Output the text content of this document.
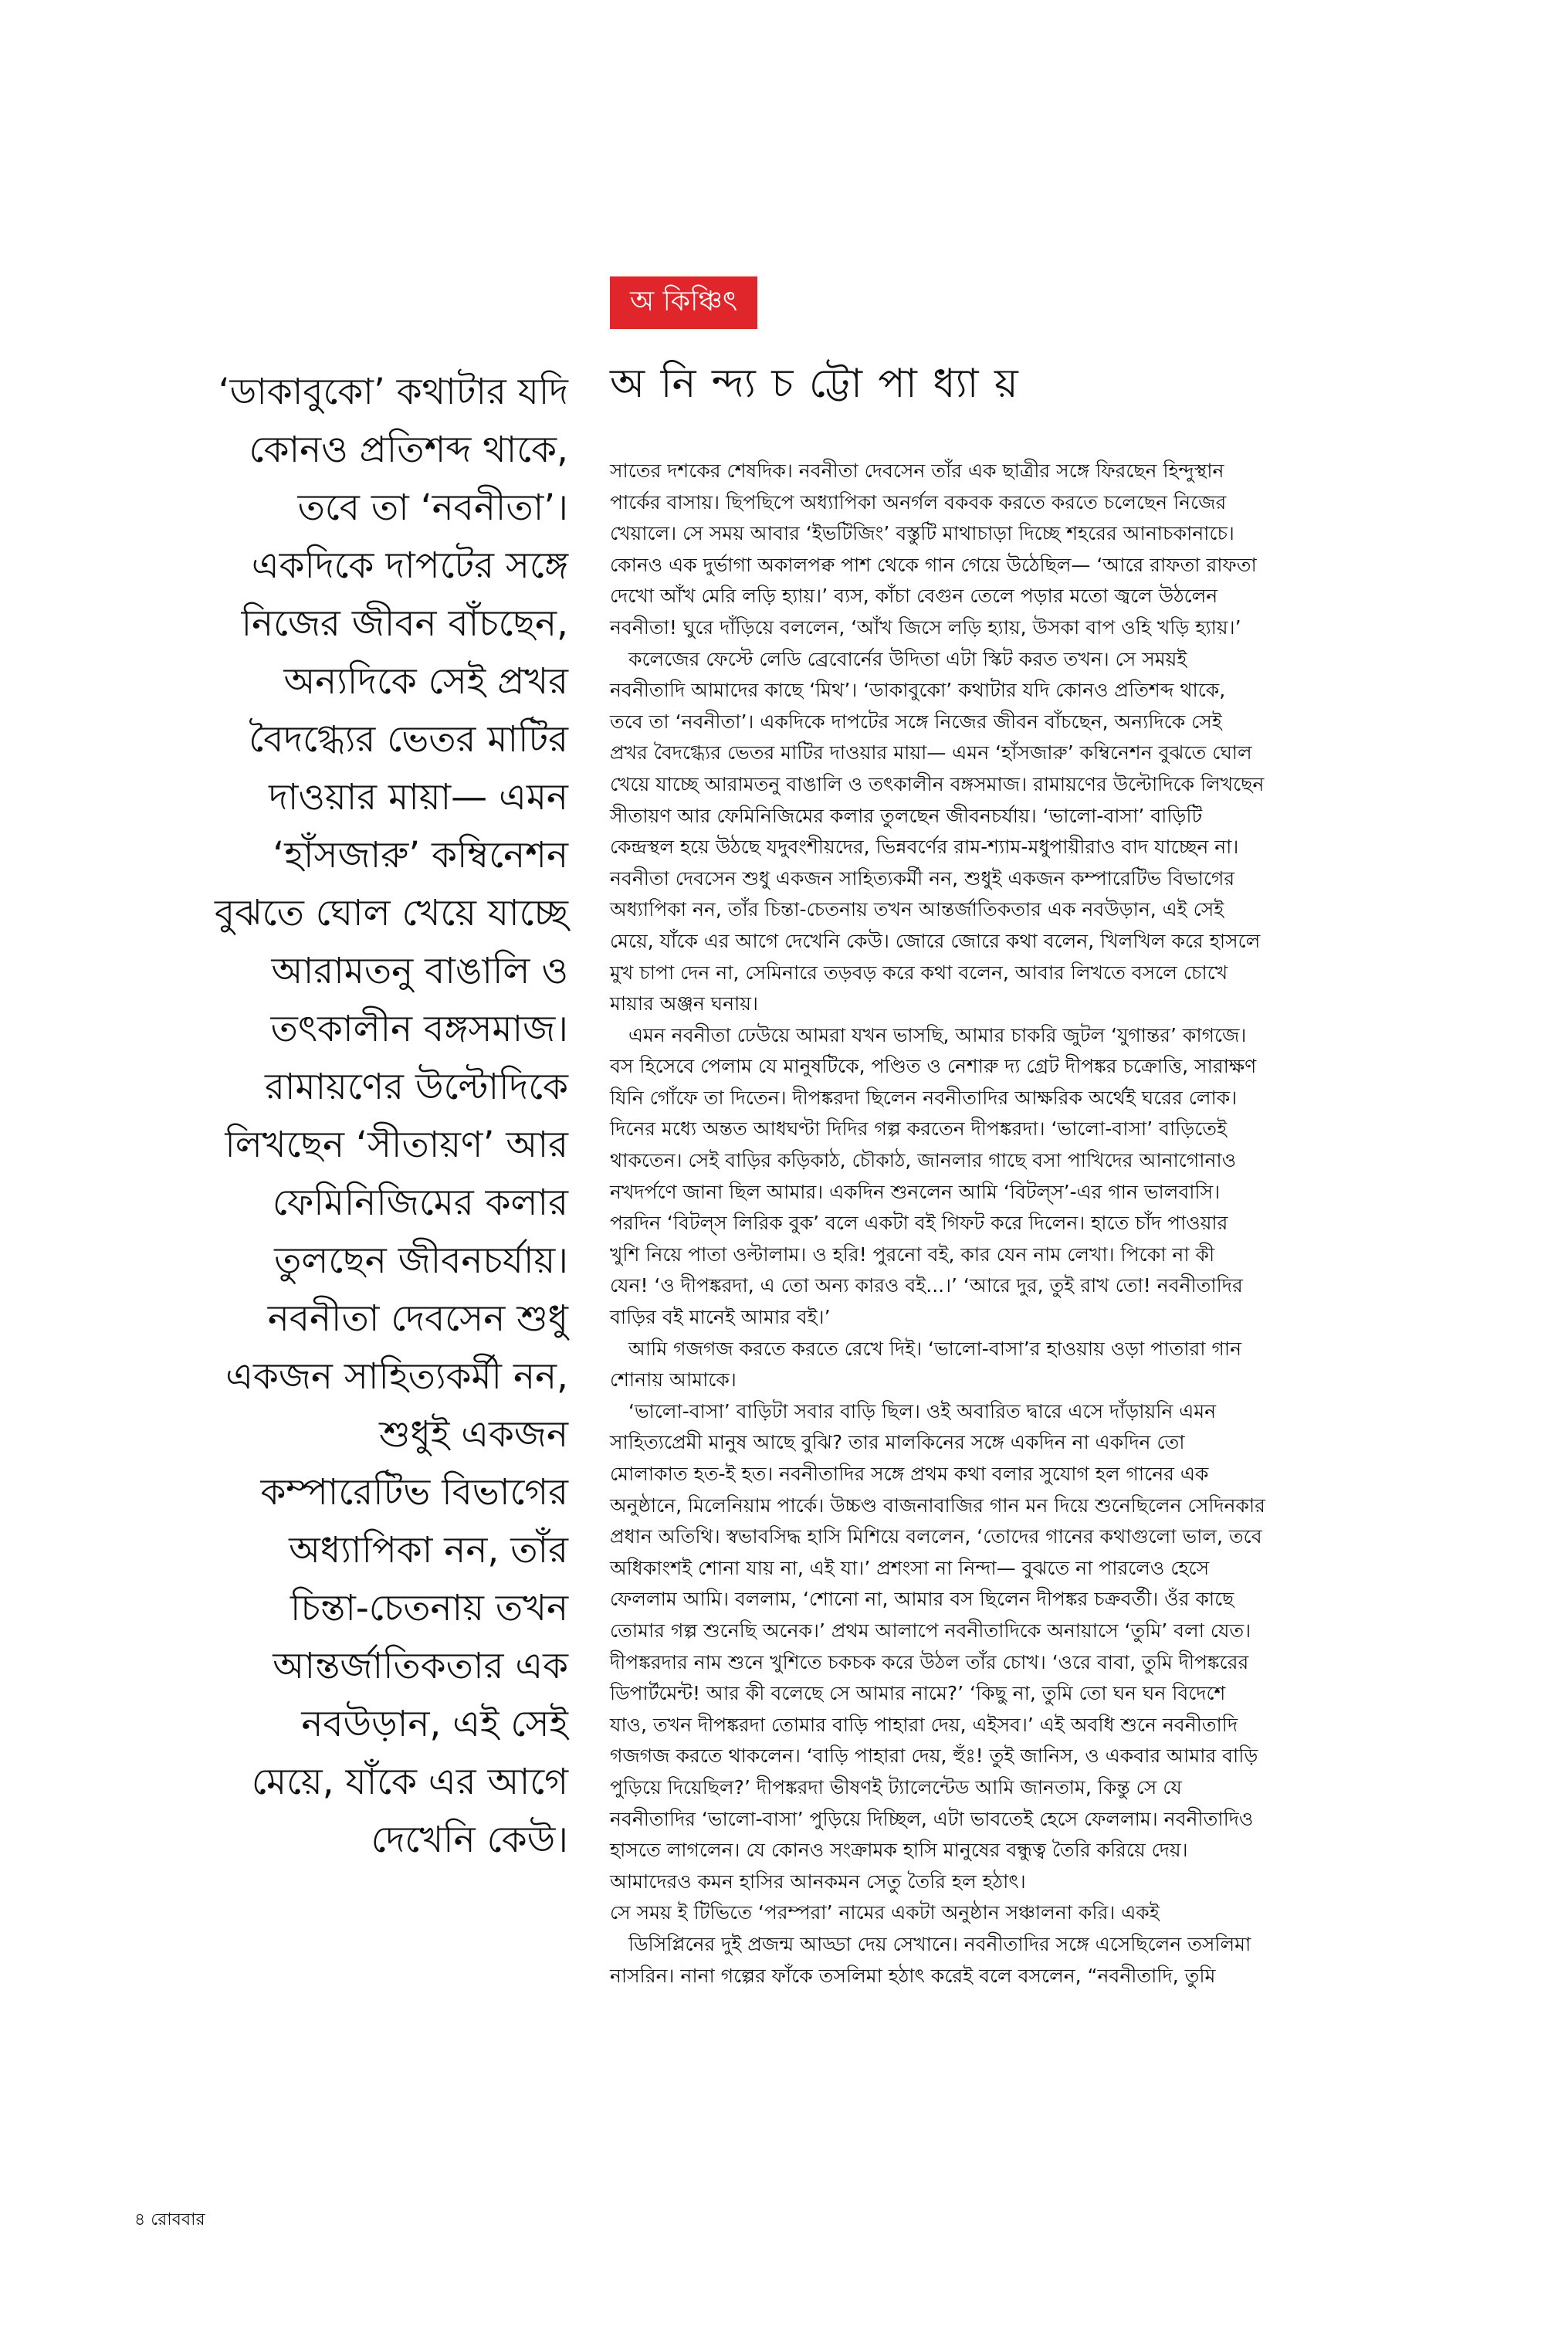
অ কিঞ্চিৎ
অ নি ন্দ্য চ ট্টো পা ধ্যা য়
‘ডাকাবুকো’ কথাটার যদি
কোনও প্রতিশব্দ থাকে,
তবে তা ‘নবনীতা’।
একদিকে দাপটের সঙ্গে
নিজের জীবন বাঁচছেন,
অন্যদিকে সেই প্রখর
বৈদগ্ধ্যের ভেতর মাটির
দাওয়ার মায়া— এমন
‘হাঁসজারু’ কম্বিনেশন
বুঝতে ঘোল খেয়ে যাচ্ছে
আরামতনু বাঙালি ও
তৎকালীন বঙ্গসমাজ।
রামায়ণের উল্টোদিকে
লিখছেন ‘সীতায়ণ’ আর
ফেমিনিজিমের কলার
তুলছেন জীবনচর্যায়।
নবনীতা দেবসেন শুধু
একজন সাহিত্যকর্মী নন,
শুধুই একজন
কম্পারেটিভ বিভাগের
অধ্যাপিকা নন, তাঁর
চিন্তা-চেতনায় তখন
আন্তর্জাতিকতার এক
নবউড়ান, এই সেই
মেয়ে, যাঁকে এর আগে
দেখেনি কেউ।

সাতের দশকের শেষদিক। নবনীতা দেবসেন তাঁর এক ছাত্রীর সঙ্গে ফিরছেন হিন্দুস্থান
পার্কের বাসায়। ছিপছিপে অধ্যাপিকা অনর্গল বকবক করতে করতে চলেছেন নিজের
খেয়ালে। সে সময় আবার ‘ইভটিজিং’ বস্তুটি মাথাচাড়া দিচ্ছে শহরের আনাচকানাচে।
কোনও এক দুর্ভাগা অকালপক্ব পাশ থেকে গান গেয়ে উঠেছিল— ‘আরে রাফতা রাফতা
দেখো আঁখ মেরি লড়ি হ্যায়।’ ব্যস, কাঁচা বেগুন তেলে পড়ার মতো জ্বলে উঠলেন
নবনীতা! ঘুরে দাঁড়িয়ে বললেন, ‘আঁখ জিসে লড়ি হ্যায়, উসকা বাপ ওহি খড়ি হ্যায়।’

কলেজের ফেস্টে লেডি ব্রেবোর্নের উদিতা এটা স্কিট করত তখন। সে সময়ই
নবনীতাদি আমাদের কাছে ‘মিথ’। ‘ডাকাবুকো’ কথাটার যদি কোনও প্রতিশব্দ থাকে,
তবে তা ‘নবনীতা’। একদিকে দাপটের সঙ্গে নিজের জীবন বাঁচছেন, অন্যদিকে সেই
প্রখর বৈদগ্ধ্যের ভেতর মাটির দাওয়ার মায়া— এমন ‘হাঁসজারু’ কম্বিনেশন বুঝতে ঘোল
খেয়ে যাচ্ছে আরামতনু বাঙালি ও তৎকালীন বঙ্গসমাজ। রামায়ণের উল্টোদিকে লিখছেন
সীতায়ণ আর ফেমিনিজিমের কলার তুলছেন জীবনচর্যায়। ‘ভালো-বাসা’ বাড়িটি
কেন্দ্রস্থল হয়ে উঠছে যদুবংশীয়দের, ভিন্নবর্ণের রাম-শ্যাম-মধুপায়ীরাও বাদ যাচ্ছেন না।
নবনীতা দেবসেন শুধু একজন সাহিত্যকর্মী নন, শুধুই একজন কম্পারেটিভ বিভাগের
অধ্যাপিকা নন, তাঁর চিন্তা-চেতনায় তখন আন্তর্জাতিকতার এক নবউড়ান, এই সেই
মেয়ে, যাঁকে এর আগে দেখেনি কেউ। জোরে জোরে কথা বলেন, খিলখিল করে হাসলে
মুখ চাপা দেন না, সেমিনারে তড়বড় করে কথা বলেন, আবার লিখতে বসলে চোখে
মায়ার অঞ্জন ঘনায়।

এমন নবনীতা ঢেউয়ে আমরা যখন ভাসছি, আমার চাকরি জুটল ‘যুগান্তর’ কাগজে।
বস হিসেবে পেলাম যে মানুষটিকে, পণ্ডিত ও নেশারু দ্য গ্রেট দীপঙ্কর চক্রোত্তি, সারাক্ষণ
যিনি গোঁফে তা দিতেন। দীপঙ্করদা ছিলেন নবনীতাদির আক্ষরিক অর্থেই ঘরের লোক।
দিনের মধ্যে অন্তত আধঘণ্টা দিদির গল্প করতেন দীপঙ্করদা। ‘ভালো-বাসা’ বাড়িতেই
থাকতেন। সেই বাড়ির কড়িকাঠ, চৌকাঠ, জানলার গাছে বসা পাখিদের আনাগোনাও
নখদর্পণে জানা ছিল আমার। একদিন শুনলেন আমি ‘বিটল্‌স’-এর গান ভালবাসি।
পরদিন ‘বিটল্‌স লিরিক বুক’ বলে একটা বই গিফট করে দিলেন। হাতে চাঁদ পাওয়ার
খুশি নিয়ে পাতা ওল্টালাম। ও হরি! পুরনো বই, কার যেন নাম লেখা। পিকো না কী
যেন! ‘ও দীপঙ্করদা, এ তো অন্য কারও বই...।’ ‘আরে দুর, তুই রাখ তো! নবনীতাদির
বাড়ির বই মানেই আমার বই।’

আমি গজগজ করতে করতে রেখে দিই। ‘ভালো-বাসা’র হাওয়ায় ওড়া পাতারা গান
শোনায় আমাকে।

‘ভালো-বাসা’ বাড়িটা সবার বাড়ি ছিল। ওই অবারিত দ্বারে এসে দাঁড়ায়নি এমন
সাহিত্যপ্রেমী মানুষ আছে বুঝি? তার মালকিনের সঙ্গে একদিন না একদিন তো
মোলাকাত হত-ই হত। নবনীতাদির সঙ্গে প্রথম কথা বলার সুযোগ হল গানের এক
অনুষ্ঠানে, মিলেনিয়াম পার্কে। উচ্চণ্ড বাজনাবাজির গান মন দিয়ে শুনেছিলেন সেদিনকার
প্রধান অতিথি। স্বভাবসিদ্ধ হাসি মিশিয়ে বললেন, ‘তোদের গানের কথাগুলো ভাল, তবে
অধিকাংশই শোনা যায় না, এই যা।’ প্রশংসা না নিন্দা— বুঝতে না পারলেও হেসে
ফেললাম আমি। বললাম, ‘শোনো না, আমার বস ছিলেন দীপঙ্কর চক্রবর্তী। ওঁর কাছে
তোমার গল্প শুনেছি অনেক।’ প্রথম আলাপে নবনীতাদিকে অনায়াসে ‘তুমি’ বলা যেত।
দীপঙ্করদার নাম শুনে খুশিতে চকচক করে উঠল তাঁর চোখ। ‘ওরে বাবা, তুমি দীপঙ্করের
ডিপার্টমেন্ট! আর কী বলেছে সে আমার নামে?’ ‘কিছু না, তুমি তো ঘন ঘন বিদেশে
যাও, তখন দীপঙ্করদা তোমার বাড়ি পাহারা দেয়, এইসব।’ এই অবধি শুনে নবনীতাদি
গজগজ করতে থাকলেন। ‘বাড়ি পাহারা দেয়, হুঁঃ! তুই জানিস, ও একবার আমার বাড়ি
পুড়িয়ে দিয়েছিল?’ দীপঙ্করদা ভীষণই ট্যালেন্টেড আমি জানতাম, কিন্তু সে যে
নবনীতাদির ‘ভালো-বাসা’ পুড়িয়ে দিচ্ছিল, এটা ভাবতেই হেসে ফেললাম। নবনীতাদিও
হাসতে লাগলেন। যে কোনও সংক্রামক হাসি মানুষের বন্ধুত্ব তৈরি করিয়ে দেয়।
আমাদেরও কমন হাসির আনকমন সেতু তৈরি হল হঠাৎ।
সে সময় ই টিভিতে ‘পরম্পরা’ নামের একটা অনুষ্ঠান সঞ্চালনা করি। একই

ডিসিপ্লিনের দুই প্রজন্ম আড্ডা দেয় সেখানে। নবনীতাদির সঙ্গে এসেছিলেন তসলিমা
নাসরিন। নানা গল্পের ফাঁকে তসলিমা হঠাৎ করেই বলে বসলেন, “নবনীতাদি, তুমি

৪ রোববার
